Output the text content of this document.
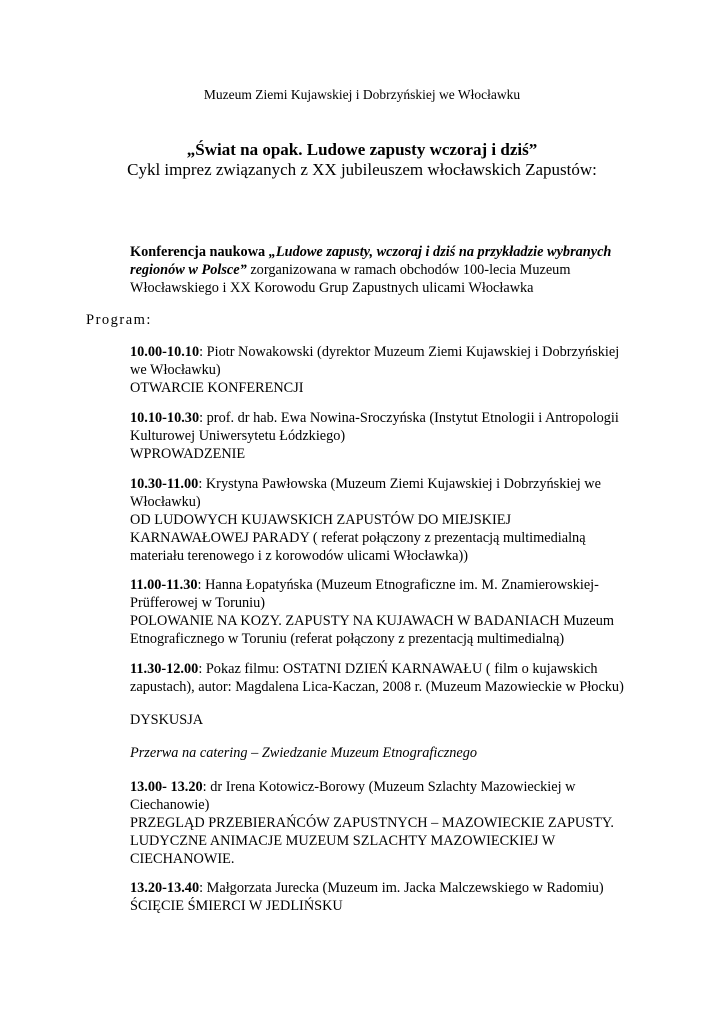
Muzeum Ziemi Kujawskiej i Dobrzyńskiej we Włocławku
„Świat na opak. Ludowe zapusty wczoraj i dziś”
Cykl imprez związanych z XX jubileuszem włocławskich Zapustów:
Konferencja naukowa „Ludowe zapusty, wczoraj i dziś na przykładzie wybranych
regionów w Polsce” zorganizowana w ramach obchodów 100-lecia Muzeum
Włocławskiego i XX Korowodu Grup Zapustnych ulicami Włocławka
Program:
10.00-10.10: Piotr Nowakowski (dyrektor Muzeum Ziemi Kujawskiej i Dobrzyńskiej
we Włocławku)
OTWARCIE KONFERENCJI
10.10-10.30: prof. dr hab. Ewa Nowina-Sroczyńska (Instytut Etnologii i Antropologii
Kulturowej Uniwersytetu Łódzkiego)
WPROWADZENIE
10.30-11.00: Krystyna Pawłowska (Muzeum Ziemi Kujawskiej i Dobrzyńskiej we
Włocławku)
OD LUDOWYCH KUJAWSKICH ZAPUSTÓW DO MIEJSKIEJ
KARNAWAŁOWEJ PARADY ( referat połączony z prezentacją multimedialną
materiału terenowego i z korowodów ulicami Włocławka))
11.00-11.30: Hanna Łopatyńska (Muzeum Etnograficzne im. M. Znamierowskiej-
Prüfferowej w Toruniu)
POLOWANIE NA KOZY. ZAPUSTY NA KUJAWACH W BADANIACH Muzeum
Etnograficznego w Toruniu (referat połączony z prezentacją multimedialną)
11.30-12.00: Pokaz filmu: OSTATNI DZIEŃ KARNAWAŁU ( film o kujawskich
zapustach), autor: Magdalena Lica-Kaczan, 2008 r. (Muzeum Mazowieckie w Płocku)
DYSKUSJA
Przerwa na catering – Zwiedzanie Muzeum Etnograficznego
13.00- 13.20: dr Irena Kotowicz-Borowy (Muzeum Szlachty Mazowieckiej w
Ciechanowie)
PRZEGLĄD PRZEBIERAŃCÓW ZAPUSTNYCH – MAZOWIECKIE ZAPUSTY.
LUDYCZNE ANIMACJE MUZEUM SZLACHTY MAZOWIECKIEJ W
CIECHANOWIE.
13.20-13.40: Małgorzata Jurecka (Muzeum im. Jacka Malczewskiego w Radomiu)
ŚCIĘCIE ŚMIERCI W JEDLIŃSKU
